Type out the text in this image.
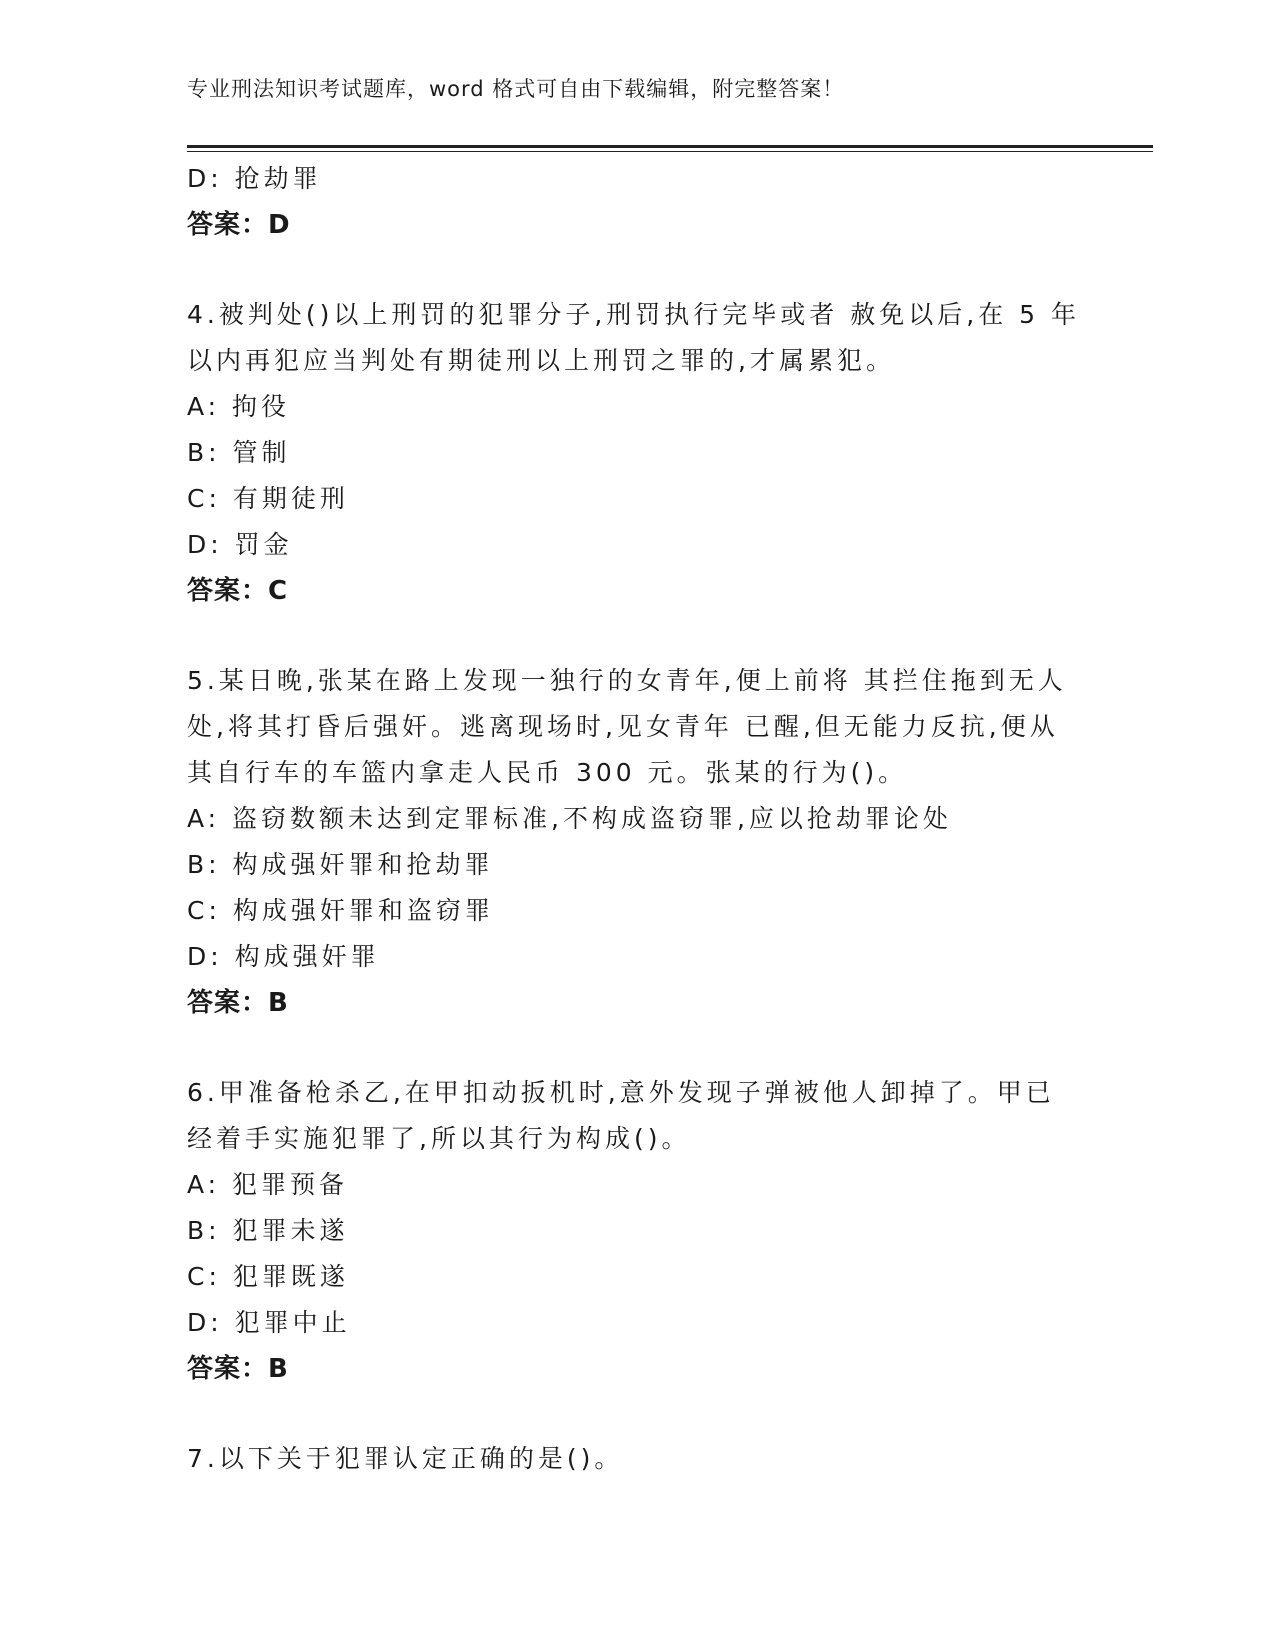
专业刑法知识考试题库，word 格式可自由下载编辑，附完整答案！
D: 抢劫罪
答案：D
4.被判处()以上刑罚的犯罪分子,刑罚执行完毕或者 赦免以后,在 5 年
以内再犯应当判处有期徒刑以上刑罚之罪的,才属累犯。
A: 拘役
B: 管制
C: 有期徒刑
D: 罚金
答案：C
5.某日晚,张某在路上发现一独行的女青年,便上前将 其拦住拖到无人
处,将其打昏后强奸。逃离现场时,见女青年 已醒,但无能力反抗,便从
其自行车的车篮内拿走人民币 300 元。张某的行为()。
A: 盗窃数额未达到定罪标准,不构成盗窃罪,应以抢劫罪论处
B: 构成强奸罪和抢劫罪
C: 构成强奸罪和盗窃罪
D: 构成强奸罪
答案：B
6.甲准备枪杀乙,在甲扣动扳机时,意外发现子弹被他人卸掉了。甲已
经着手实施犯罪了,所以其行为构成()。
A: 犯罪预备
B: 犯罪未遂
C: 犯罪既遂
D: 犯罪中止
答案：B
7.以下关于犯罪认定正确的是()。
